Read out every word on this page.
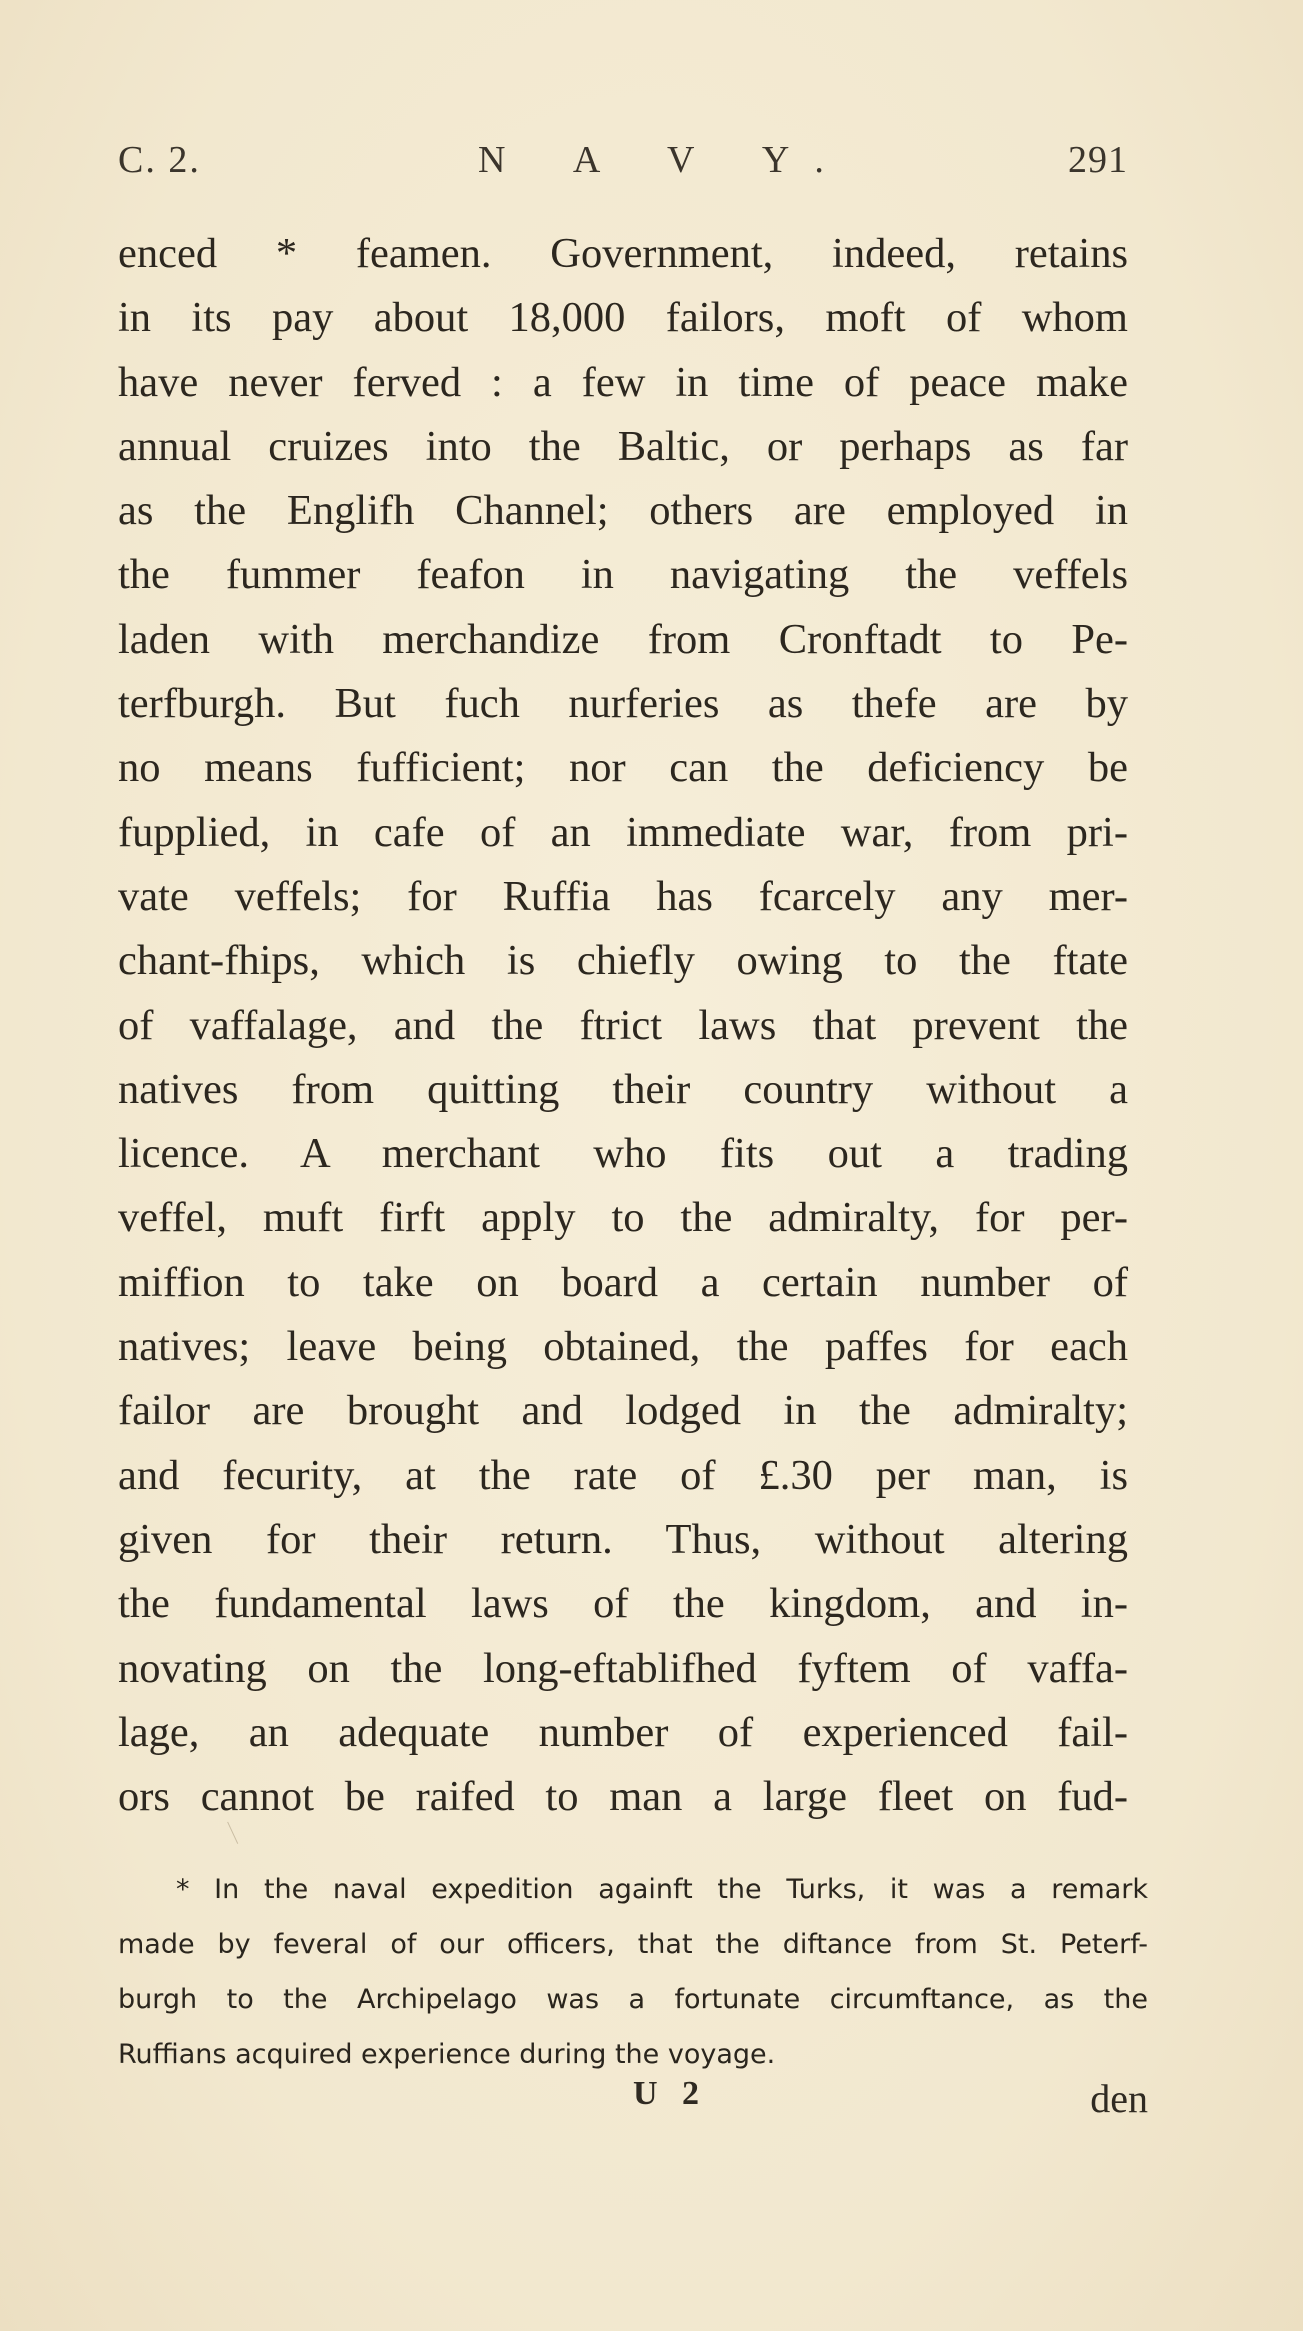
C. 2.	N A V Y.	291
enced * feamen. Government, indeed, retains
in its pay about 18,000 failors, moft of whom
have never ferved : a few in time of peace make
annual cruizes into the Baltic, or perhaps as far
as the Englifh Channel; others are employed in
the fummer feafon in navigating the veffels
laden with merchandize from Cronftadt to Pe-
terfburgh. But fuch nurferies as thefe are by
no means fufficient; nor can the deficiency be
fupplied, in cafe of an immediate war, from pri-
vate veffels; for Ruffia has fcarcely any mer-
chant-fhips, which is chiefly owing to the ftate
of vaffalage, and the ftrict laws that prevent the
natives from quitting their country without a
licence. A merchant who fits out a trading
veffel, muft firft apply to the admiralty, for per-
miffion to take on board a certain number of
natives; leave being obtained, the paffes for each
failor are brought and lodged in the admiralty;
and fecurity, at the rate of £.30 per man, is
given for their return. Thus, without altering
the fundamental laws of the kingdom, and in-
novating on the long-eftablifhed fyftem of vaffa-
lage, an adequate number of experienced fail-
ors cannot be raifed to man a large fleet on fud-
* In the naval expedition againft the Turks, it was a remark
made by feveral of our officers, that the diftance from St. Peterf-
burgh to the Archipelago was a fortunate circumftance, as the
Ruffians acquired experience during the voyage.
U 2	den
